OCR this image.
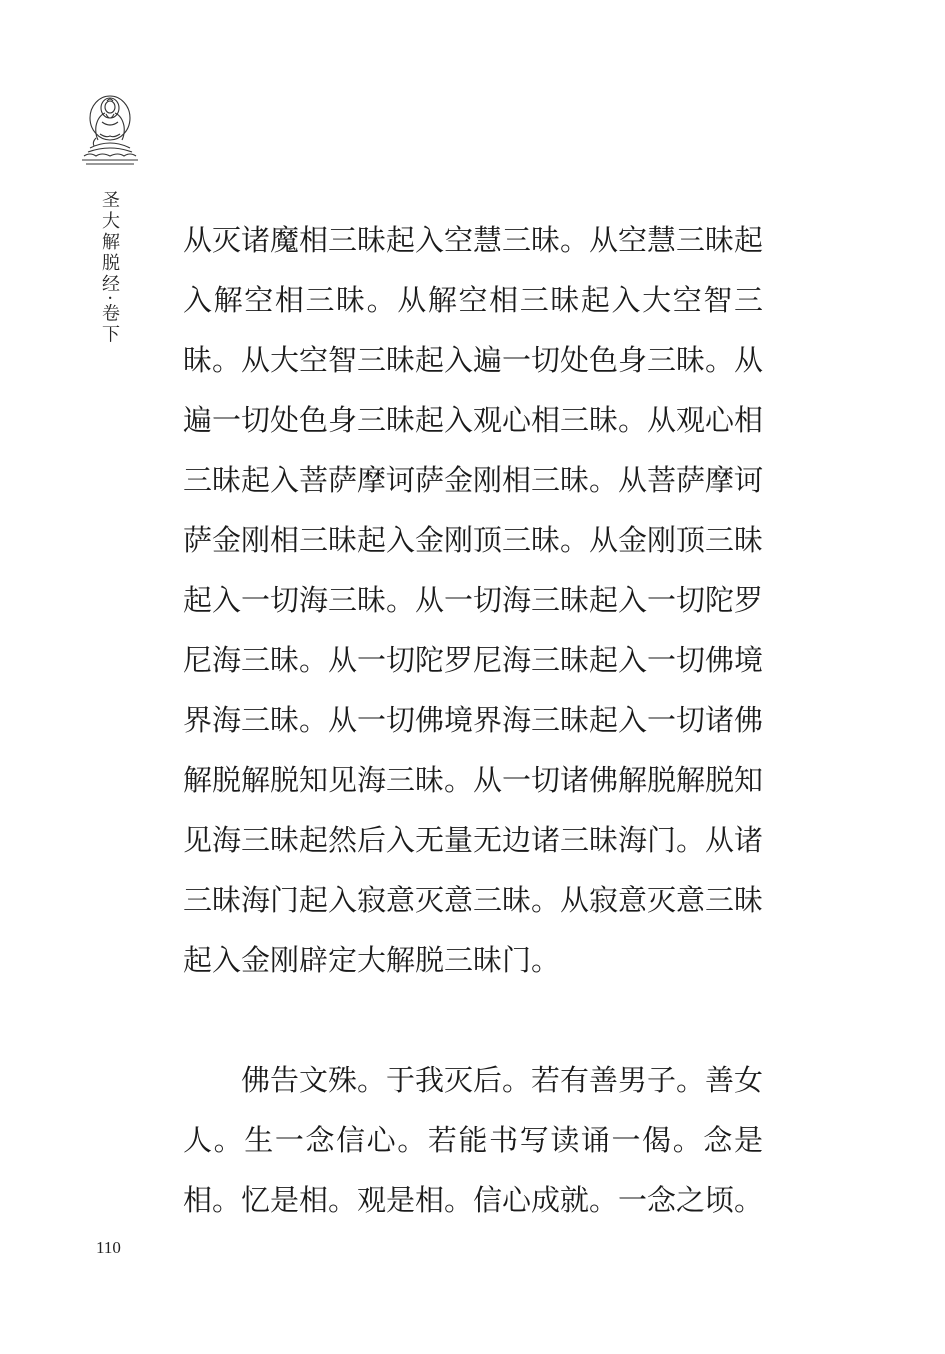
圣大解脱经·卷下 从灭诸魔相三昧起入空慧三昧。从空慧三昧起
入解空相三昧。从解空相三昧起入大空智三
昧。从大空智三昧起入遍一切处色身三昧。从
遍一切处色身三昧起入观心相三昧。从观心相
三昧起入菩萨摩诃萨金刚相三昧。从菩萨摩诃
萨金刚相三昧起入金刚顶三昧。从金刚顶三昧
起入一切海三昧。从一切海三昧起入一切陀罗
尼海三昧。从一切陀罗尼海三昧起入一切佛境
界海三昧。从一切佛境界海三昧起入一切诸佛
解脱解脱知见海三昧。从一切诸佛解脱解脱知
见海三昧起然后入无量无边诸三昧海门。从诸
三昧海门起入寂意灭意三昧。从寂意灭意三昧
起入金刚辟定大解脱三昧门。
　　佛告文殊。于我灭后。若有善男子。善女
人。生一念信心。若能书写读诵一偈。念是
相。忆是相。观是相。信心成就。一念之顷。
110
